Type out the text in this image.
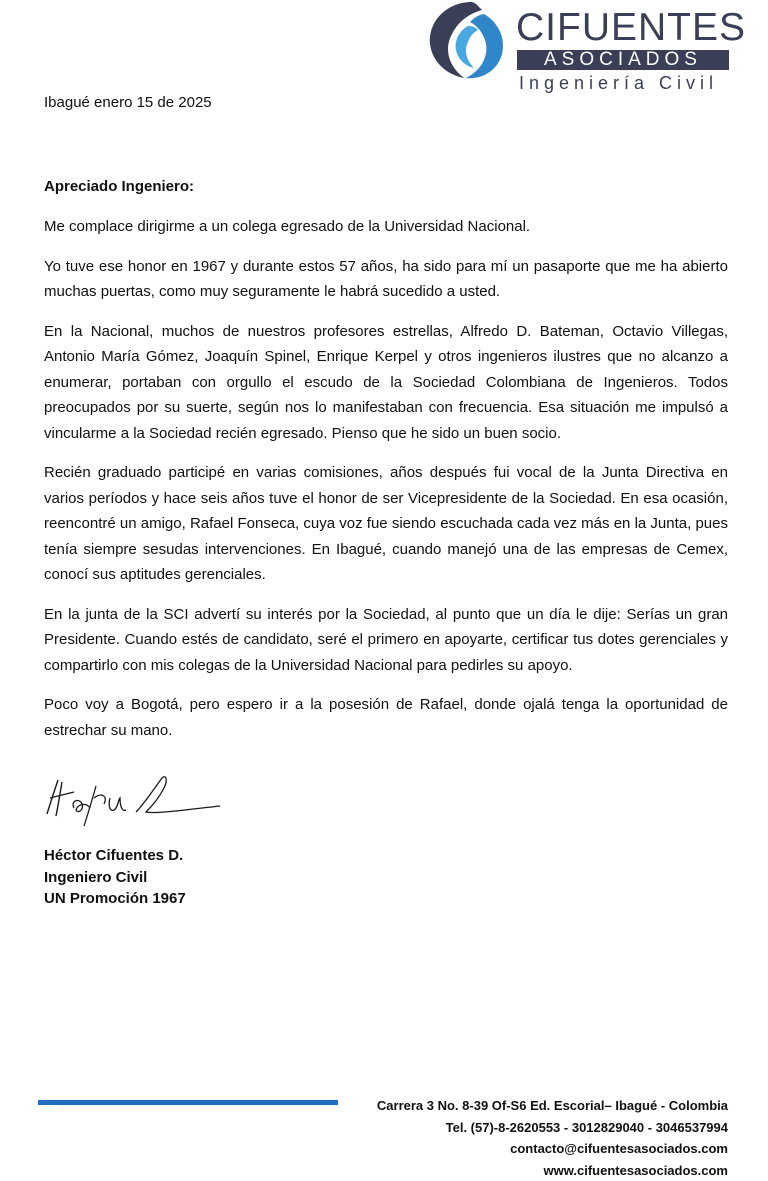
CIFUENTES
ASOCIADOS
Ingeniería Civil
Ibagué enero 15 de 2025
Apreciado Ingeniero:

Me complace dirigirme a un colega egresado de la Universidad Nacional.

Yo tuve ese honor en 1967 y durante estos 57 años, ha sido para mí un pasaporte que me ha abierto muchas puertas, como muy seguramente le habrá sucedido a usted.

En la Nacional, muchos de nuestros profesores estrellas, Alfredo D. Bateman, Octavio Villegas, Antonio María Gómez, Joaquín Spinel, Enrique Kerpel y otros ingenieros ilustres que no alcanzo a enumerar, portaban con orgullo el escudo de la Sociedad Colombiana de Ingenieros. Todos preocupados por su suerte, según nos lo manifestaban con frecuencia. Esa situación me impulsó a vincularme a la Sociedad recién egresado. Pienso que he sido un buen socio.

Recién graduado participé en varias comisiones, años después fui vocal de la Junta Directiva en varios períodos y hace seis años tuve el honor de ser Vicepresidente de la Sociedad. En esa ocasión, reencontré un amigo, Rafael Fonseca, cuya voz fue siendo escuchada cada vez más en la Junta, pues tenía siempre sesudas intervenciones. En Ibagué, cuando manejó una de las empresas de Cemex, conocí sus aptitudes gerenciales.

En la junta de la SCI advertí su interés por la Sociedad, al punto que un día le dije: Serías un gran Presidente. Cuando estés de candidato, seré el primero en apoyarte, certificar tus dotes gerenciales y compartirlo con mis colegas de la Universidad Nacional para pedirles su apoyo.

Poco voy a Bogotá, pero espero ir a la posesión de Rafael, donde ojalá tenga la oportunidad de estrechar su mano.

Héctor Cifuentes D.
Ingeniero Civil
UN Promoción 1967
Carrera 3 No. 8-39 Of-S6 Ed. Escorial– Ibagué - Colombia
Tel. (57)-8-2620553 - 3012829040 - 3046537994
contacto@cifuentesasociados.com
www.cifuentesasociados.com
